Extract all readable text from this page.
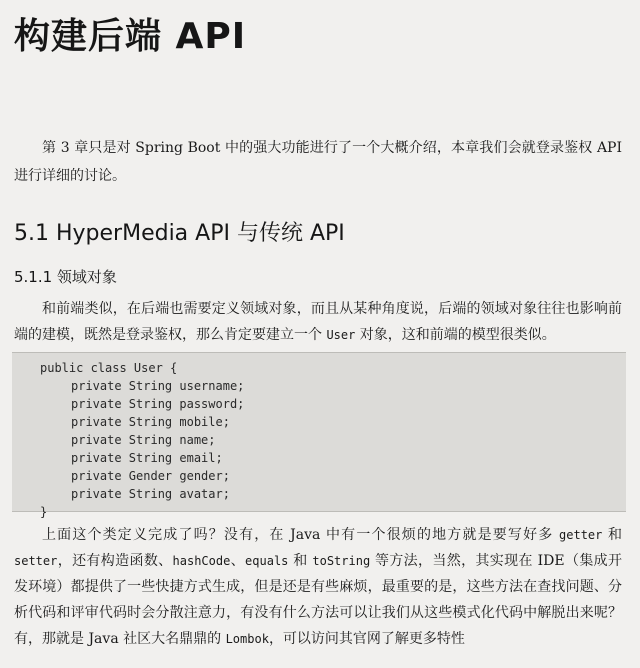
构建后端 API

第 3 章只是对 Spring Boot 中的强大功能进行了一个大概介绍，本章我们会就登录鉴权 API 进行详细的讨论。

5.1 HyperMedia API 与传统 API
5.1.1 领域对象

和前端类似，在后端也需要定义领域对象，而且从某种角度说，后端的领域对象往往也影响前端的建模，既然是登录鉴权，那么肯定要建立一个 User 对象，这和前端的模型很类似。

public class User {
private String username;
private String password;
private String mobile;
private String name;
private String email;
private Gender gender;
private String avatar;
}

上面这个类定义完成了吗？没有，在 Java 中有一个很烦的地方就是要写好多 getter 和 setter，还有构造函数、hashCode、equals 和 toString 等方法，当然，其实现在 IDE（集成开发环境）都提供了一些快捷方式生成，但是还是有些麻烦，最重要的是，这些方法在查找问题、分析代码和评审代码时会分散注意力，有没有什么方法可以让我们从这些模式化代码中解脱出来呢？有，那就是 Java 社区大名鼎鼎的 Lombok，可以访问其官网了解更多特性
